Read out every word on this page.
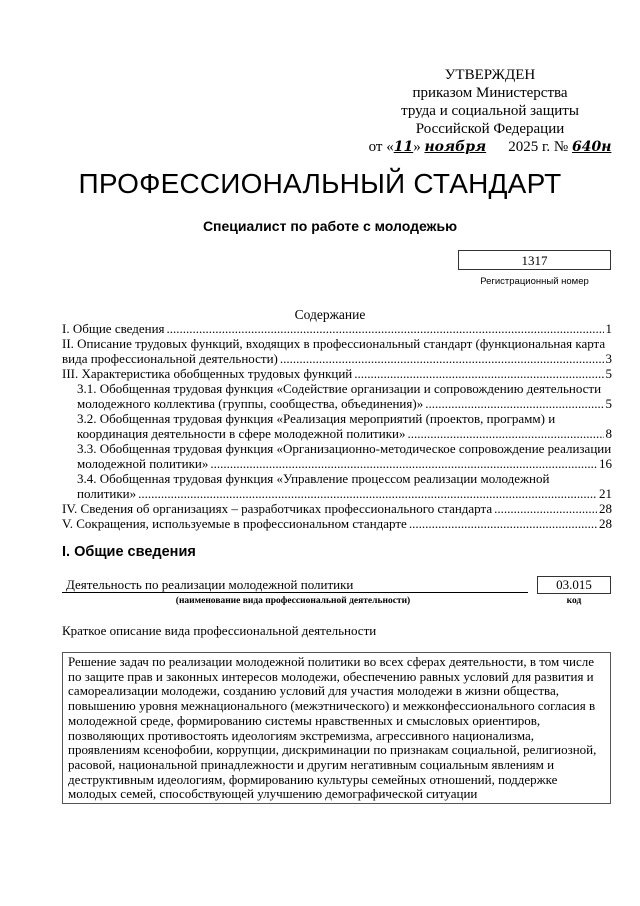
УТВЕРЖДЕН
приказом Министерства
труда и социальной защиты
Российской Федерации
от «11» ноября 2025 г. № 640н
ПРОФЕССИОНАЛЬНЫЙ СТАНДАРТ
Специалист по работе с молодежью
1317
Регистрационный номер
Содержание
I. Общие сведения .....	1
II. Описание трудовых функций, входящих в профессиональный стандарт (функциональная карта
вида профессиональной деятельности) .....	3
III. Характеристика обобщенных трудовых функций .....	5
3.1. Обобщенная трудовая функция «Содействие организации и сопровождению деятельности
молодежного коллектива (группы, сообщества, объединения)» .....	5
3.2. Обобщенная трудовая функция «Реализация мероприятий (проектов, программ) и
координация деятельности в сфере молодежной политики» .....	8
3.3. Обобщенная трудовая функция «Организационно-методическое сопровождение реализации
молодежной политики» .....	16
3.4. Обобщенная трудовая функция «Управление процессом реализации молодежной
политики» .....	21
IV. Сведения об организациях – разработчиках профессионального стандарта .....	28
V. Сокращения, используемые в профессиональном стандарте .....	28
I. Общие сведения
Деятельность по реализации молодежной политики	03.015
(наименование вида профессиональной деятельности)	код
Краткое описание вида профессиональной деятельности
Решение задач по реализации молодежной политики во всех сферах деятельности, в том числе
по защите прав и законных интересов молодежи, обеспечению равных условий для развития и
самореализации молодежи, созданию условий для участия молодежи в жизни общества,
повышению уровня межнационального (межэтнического) и межконфессионального согласия в
молодежной среде, формированию системы нравственных и смысловых ориентиров,
позволяющих противостоять идеологиям экстремизма, агрессивного национализма,
проявлениям ксенофобии, коррупции, дискриминации по признакам социальной, религиозной,
расовой, национальной принадлежности и другим негативным социальным явлениям и
деструктивным идеологиям, формированию культуры семейных отношений, поддержке
молодых семей, способствующей улучшению демографической ситуации
